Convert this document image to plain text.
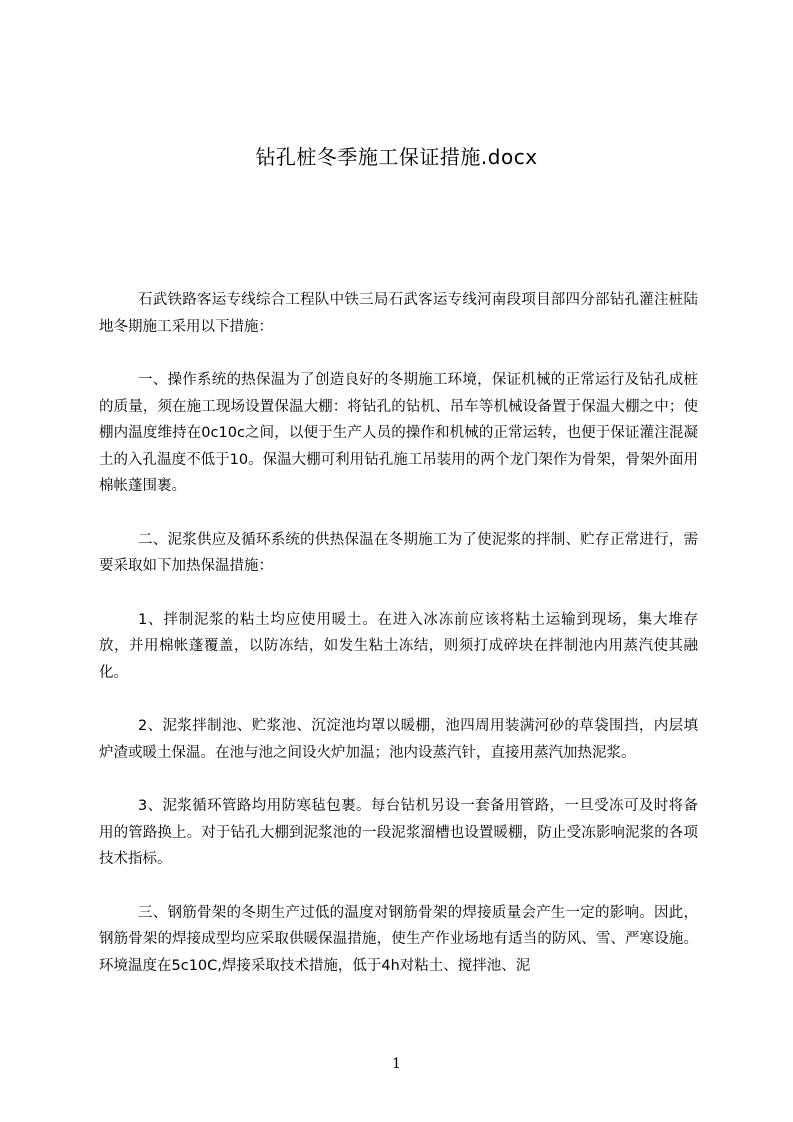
钻孔桩冬季施工保证措施.docx

石武铁路客运专线综合工程队中铁三局石武客运专线河南段项目部四分部钻孔灌注桩陆地冬期施工采用以下措施：

一、操作系统的热保温为了创造良好的冬期施工环境，保证机械的正常运行及钻孔成桩的质量，须在施工现场设置保温大棚：将钻孔的钻机、吊车等机械设备置于保温大棚之中；使棚内温度维持在0c10c之间，以便于生产人员的操作和机械的正常运转，也便于保证灌注混凝土的入孔温度不低于10。保温大棚可利用钻孔施工吊装用的两个龙门架作为骨架，骨架外面用棉帐蓬围裹。

二、泥浆供应及循环系统的供热保温在冬期施工为了使泥浆的拌制、贮存正常进行，需要采取如下加热保温措施：

1、拌制泥浆的粘土均应使用暖土。在进入冰冻前应该将粘土运输到现场，集大堆存放，并用棉帐蓬覆盖，以防冻结，如发生粘土冻结，则须打成碎块在拌制池内用蒸汽使其融化。

2、泥浆拌制池、贮浆池、沉淀池均罩以暖棚，池四周用装满河砂的草袋围挡，内层填炉渣或暖土保温。在池与池之间设火炉加温；池内设蒸汽针，直接用蒸汽加热泥浆。

3、泥浆循环管路均用防寒毡包裹。每台钻机另设一套备用管路，一旦受冻可及时将备用的管路换上。对于钻孔大棚到泥浆池的一段泥浆溜槽也设置暖棚，防止受冻影响泥浆的各项技术指标。

三、钢筋骨架的冬期生产过低的温度对钢筋骨架的焊接质量会产生一定的影响。因此，钢筋骨架的焊接成型均应采取供暖保温措施，使生产作业场地有适当的防风、雪、严寒设施。环境温度在5c10C,焊接采取技术措施，低于4h对粘土、搅拌池、泥

1
